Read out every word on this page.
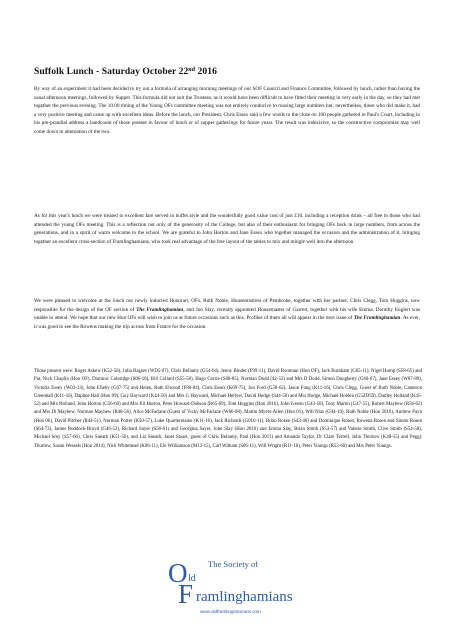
Suffolk Lunch - Saturday October 22nd 2016

By way of an experiment it had been decided to try out a formula of arranging morning meetings of our SOF Council and Finance Committee, followed by lunch, rather than having the usual afternoon meetings, followed by Supper. This formula did not suit the Trustees, as it would have been difficult to have fitted their meeting in very early in the day, so they had met together the previous evening. The 10.00 timing of the Young OFs committee meeting was not entirely conducive to rousing large numbers but, nevertheless, those who did make it, had a very positive meeting and came up with excellent ideas. Before the lunch, our President, Chris Essex said a few words to the close on 100 people gathered in Paul's Court, including in his pre-prandial address a handcount of those present in favour of lunch or of supper gatherings for future years. The result was indecisive, so the constructive compromise may well come down to alternation of the two.

As for this year's lunch we were treated to excellent fare served in buffet style and the wonderfully good value cost of just £10, including a reception drink – all free to those who had attended the young OFs meeting. This is a reflection not only of the generosity of the College, but also of their enthusiasm for bringing OFs back in large numbers, from across the generations, and in a spirit of warm welcome to the school. We are grateful to John Horton and Jane Essex who together managed the occasion and the administration of it, bringing together an excellent cross-section of Framlinghamians, who took real advantage of the free layout of the tables to mix and mingle well into the afternoon.

We were pleased to welcome at the lunch our newly inducted Honorary OFs, Ruth Noble, Housemistress of Pembroke, together with her partner, Chris Clegg, Tom Huggins, now responsible for the design of the OF section of The Framlinghamian, and Jon Slay, recently appointed Housemaster of Garrett, together with his wife Emma. Dorothy Englert was unable to attend. We hope that our new Hon OFs will wish to join us at future occasions such as this. Profiles of them all will appear in the next issue of The Framlinghamian. As ever, it was good to see the Rowens making the trip across from France for the occasion.

Those present were: Roger Askew (K52-56), Julia Baguet (WD5-07), Chris Bellamy (G54-64), Jenny Binder (F99-11), David Bootman (Hon OF), Jack Burnham (G05-11), Nigel Hump (S58-65) and Pat, Nick Chaplin (Hon OF), Dominic Coleridge (S06-10), Bill Collard (S55-58), Hugo Corrie (S80-85), Norman Dodd (42-52) and Mrs D Dodd, Simon Dougherty (G60-67), Jane Essey (W87-89), Victoria Essey (W03-13), John Elleby (G67-75) and Helen, Ruth Elwood (F80-84), Chris Essex (K69-75), Jon Ford (G58-62), Jason Fung (K11-16), Chris Clegg, Guest of Ruth Noble, Cameron Greenhall (K11-16), Daphne Hall (Hon 99), Guy Hayward (K44-50) and Mrs G Hayward, Michael Hellyer, David Hodge (S44-50) and Mrs Hodge, Michael Holden (G5ZD59), Dudley Holland (K45-52) and Mrs Holland, John Horton (G56-60) and Mrs Jill Horton, Peter Howard-Dobson (R65-69), Tom Huggins (Hon 2016), John Iveson (G43-50), Tony Martin (G47-55), Robert Mayhew (R56-62) and Mrs Di Mayhew, Norman Mayhew (R48-56), Alice McFarlane (Guest of Vicky McFarlane (W86-88), Martin Myers-Allen (Hon 01), Will Nias (G04-10), Ruth Noble (Hon 2016), Andrew Payn (Hon 06), David Pitcher (R44-51), Norman Porter (K50-57), Luke Quartermaine (K11-16), Jack Richards (G016-11), Brian Rosen (S43-46) and Dominique Rosen, Rowena Rosen and Simon Rosen (S64-73), James Ruddock-Broyd (G46-52), Richard Sayer (S56-61) and Georgina Sayer, John Slay (Hon 2016) and Emma Slay, Brian Smith (S53-57) and Valerie Smith, Clive Smith (S54-58), Michael Smy (S57-66), Chris Sneath (K51-56), and Liz Sneath, Janet Stuart, guest of Chris Bellamy, Paul (Hon 2011) and Amanda Taylor, Dr Clare Terrell, John Thurlow (K48-55) and Peggy Thurlow, Susan Wessels (Hon 2014), Nick Whitehead (K06-11), Ele Williamson (M13-15), Carl Witham (S06-11), Will Wright (R11-16), Peter Youngs (R53-60) and Mrs Peter Youngs.

The Society of
O ld
F ramlinghamians
www.oldframlinghamians.com
